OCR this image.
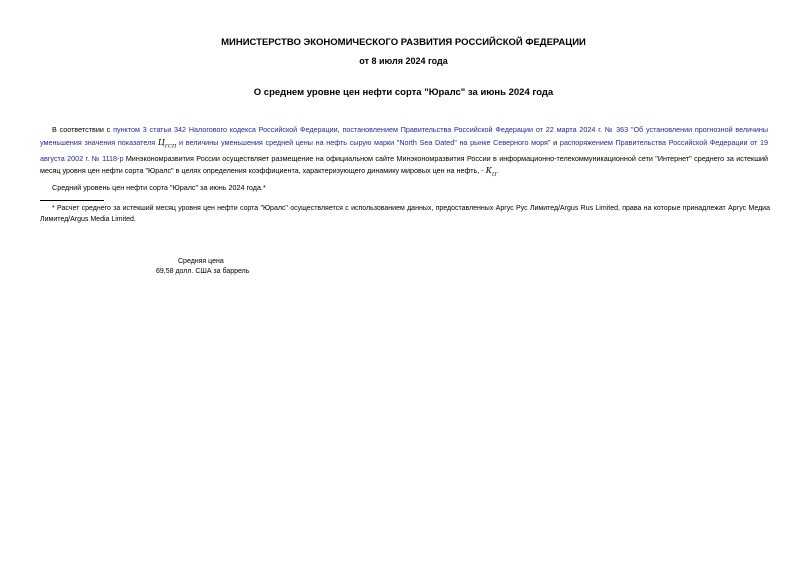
МИНИСТЕРСТВО ЭКОНОМИЧЕСКОГО РАЗВИТИЯ РОССИЙСКОЙ ФЕДЕРАЦИИ
от 8 июля 2024 года
О среднем уровне цен нефти сорта "Юралс" за июнь 2024 года
В соответствии с пунктом 3 статьи 342 Налогового кодекса Российской Федерации, постановлением Правительства Российской Федерации от 22 марта 2024 г. № 363 "Об установлении прогнозной величины уменьшения значения показателя $Ц_{ГСП}$ и величины уменьшения средней цены на нефть сырую марки "North Sea Dated" на рынке Северного моря" и распоряжением Правительства Российской Федерации от 19 августа 2002 г. № 1118-р Минэкономразвития России осуществляет размещение на официальном сайте Минэкономразвития России в информационно-телекоммуникационной сети "Интернет" среднего за истекший месяц уровня цен нефти сорта "Юралс" в целях определения коэффициента, характеризующего динамику мировых цен на нефть, - $К_Ц$.
Средний уровень цен нефти сорта "Юралс" за июнь 2024 года.*
* Расчет среднего за истекший месяц уровня цен нефти сорта "Юралс" осуществляется с использованием данных, предоставленных Аргус Рус Лимитед/Argus Rus Limited, права на которые принадлежат Аргус Медиа Лимитед/Argus Media Limited.
Средняя цена
69,58 долл. США за баррель
